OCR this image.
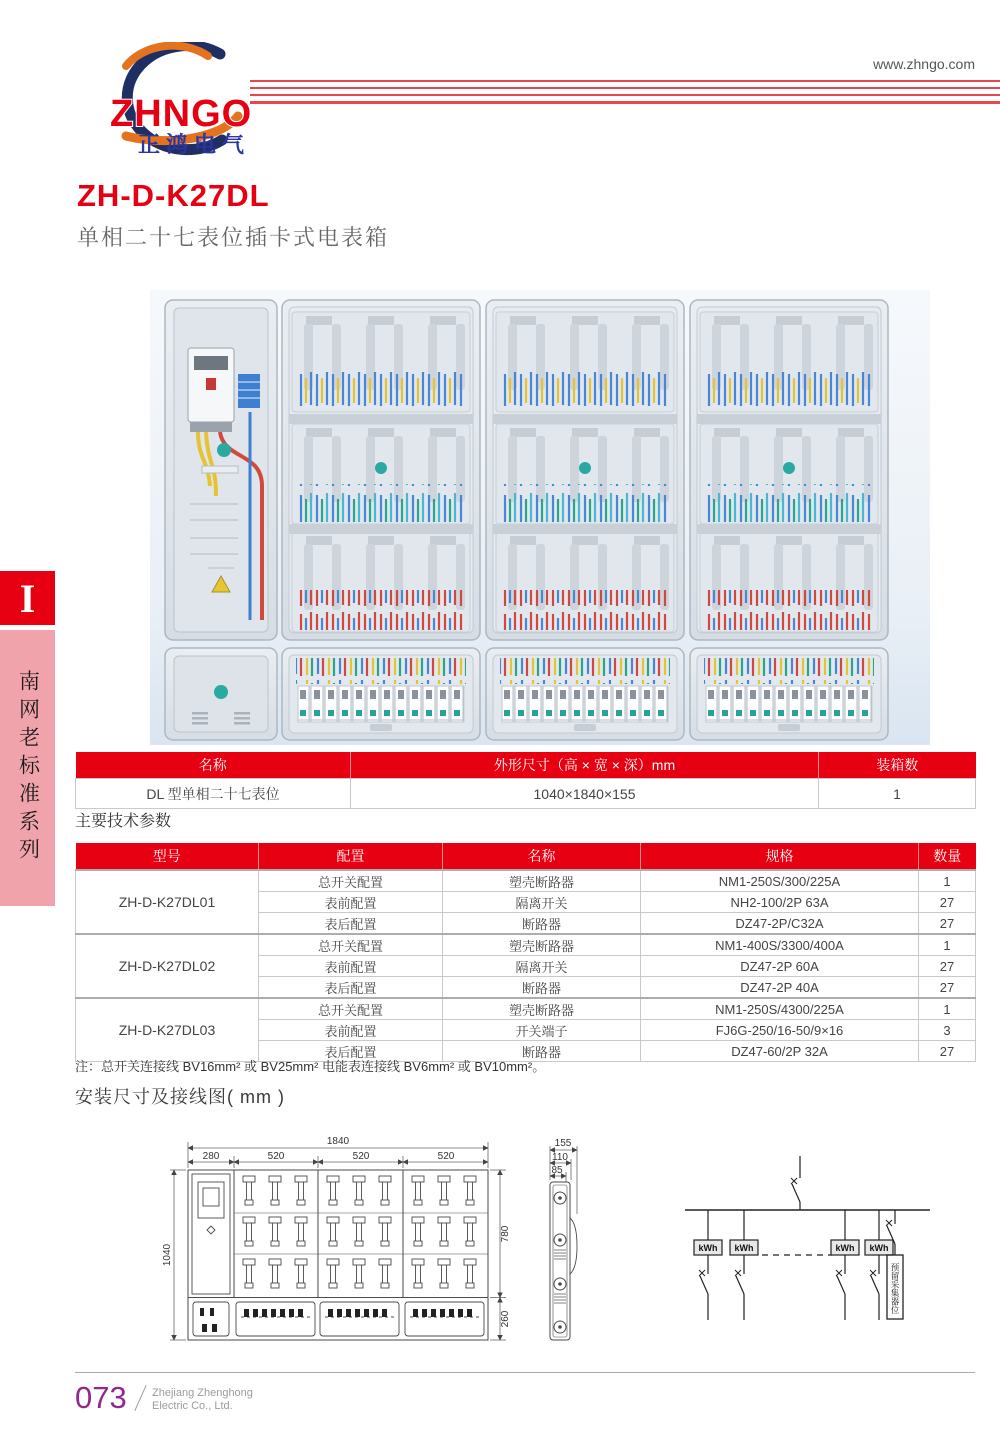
www.zhngo.com
ZHNGO
正鸿电气
ZH-D-K27DL
单相二十七表位插卡式电表箱
I
南网老标准系列	名称	外形尺寸（高 × 宽 × 深）mm	装箱数
DL 型单相二十七表位	1040×1840×155	1
主要技术参数
型号	配置	名称	规格	数量
ZH-D-K27DL01	总开关配置	塑壳断路器	NM1-250S/300/225A	1
	表前配置	隔离开关	NH2-100/2P 63A	27
	表后配置	断路器	DZ47-2P/C32A	27
ZH-D-K27DL02	总开关配置	塑壳断路器	NM1-400S/3300/400A	1
	表前配置	隔离开关	DZ47-2P 60A	27
	表后配置	断路器	DZ47-2P 40A	27
ZH-D-K27DL03	总开关配置	塑壳断路器	NM1-250S/4300/225A	1
	表前配置	开关端子	FJ6G-250/16-50/9×16	3
	表后配置	断路器	DZ47-60/2P 32A	27
注：总开关连接线 BV16mm² 或 BV25mm² 电能表连接线 BV6mm² 或 BV10mm²。
安装尺寸及接线图( mm )
1840
280	520	520	520
1040
780
260
155
110
85
kWh kWh	kWh kWh
预留采集器位
073 Zhejiang Zhenghong
Electric Co., Ltd.
